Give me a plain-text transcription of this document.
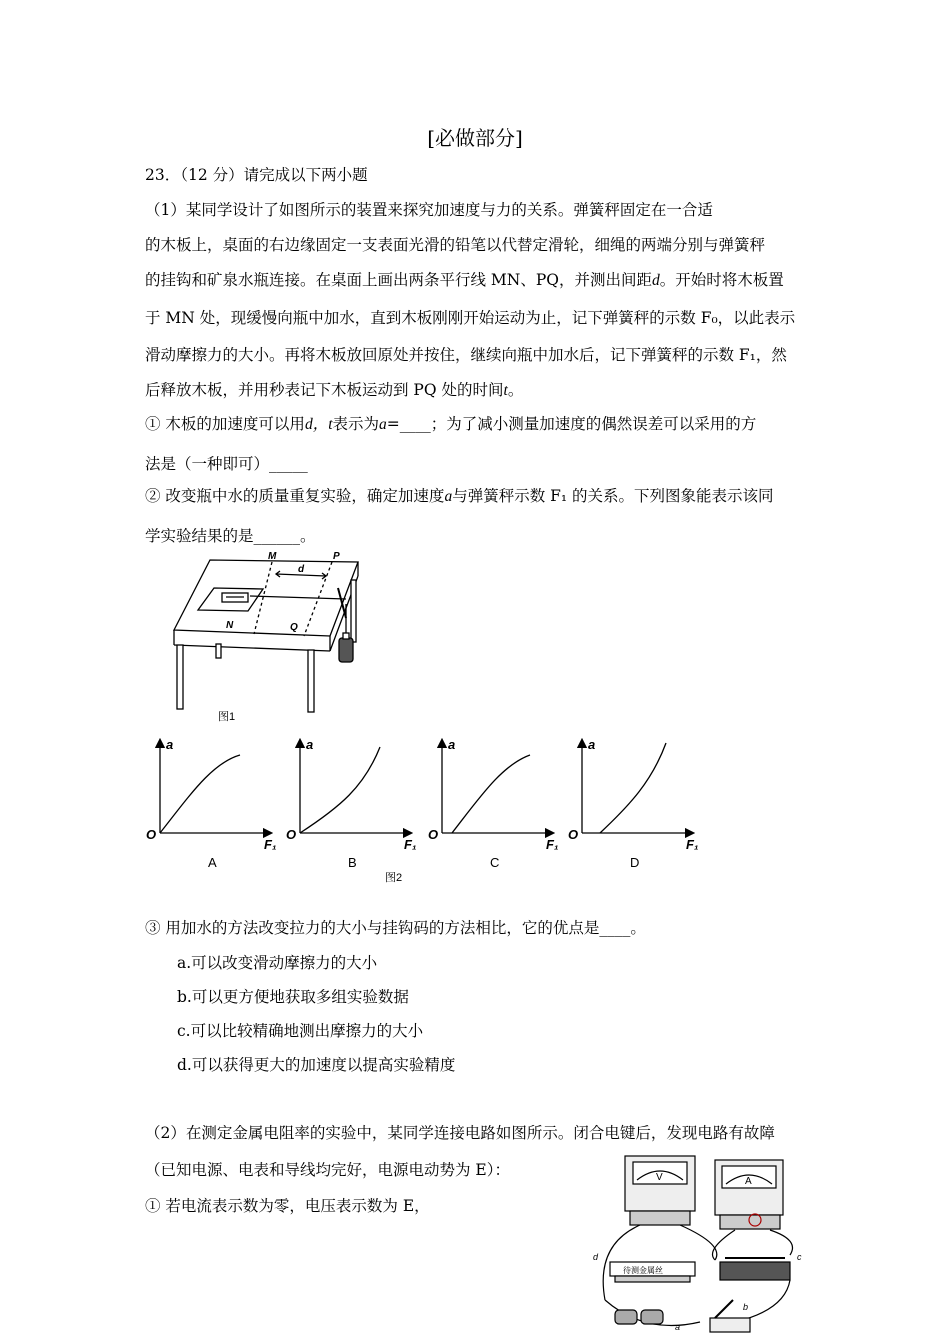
[必做部分]
23．（12 分）请完成以下两小题
（1）某同学设计了如图所示的装置来探究加速度与力的关系。弹簧秤固定在一合适
的木板上，桌面的右边缘固定一支表面光滑的铅笔以代替定滑轮，细绳的两端分别与弹簧秤
的挂钩和矿泉水瓶连接。在桌面上画出两条平行线 MN、PQ，并测出间距d。开始时将木板置
于 MN 处，现缓慢向瓶中加水，直到木板刚刚开始运动为止，记下弹簧秤的示数 F₀，以此表示
滑动摩擦力的大小。再将木板放回原处并按住，继续向瓶中加水后，记下弹簧秤的示数 F₁，然
后释放木板，并用秒表记下木板运动到 PQ 处的时间t。
① 木板的加速度可以用d，t表示为a=____；为了减小测量加速度的偶然误差可以采用的方
法是（一种即可）_____
② 改变瓶中水的质量重复实验，确定加速度a与弹簧秤示数 F₁ 的关系。下列图象能表示该同
学实验结果的是______。
M	P
d
N	Q
图1
a
O
F₁
A
a
O
F₁
B
a
O
F₁
C
a
O
F₁
D
图2
③ 用加水的方法改变拉力的大小与挂钩码的方法相比，它的优点是____。
a.可以改变滑动摩擦力的大小
b.可以更方便地获取多组实验数据
c.可以比较精确地测出摩擦力的大小
d.可以获得更大的加速度以提高实验精度
（2）在测定金属电阻率的实验中，某同学连接电路如图所示。闭合电键后，发现电路有故障
（已知电源、电表和导线均完好，电源电动势为 E）：
① 若电流表示数为零，电压表示数为 E，
V	A
待测金属丝
d	c
a
b
